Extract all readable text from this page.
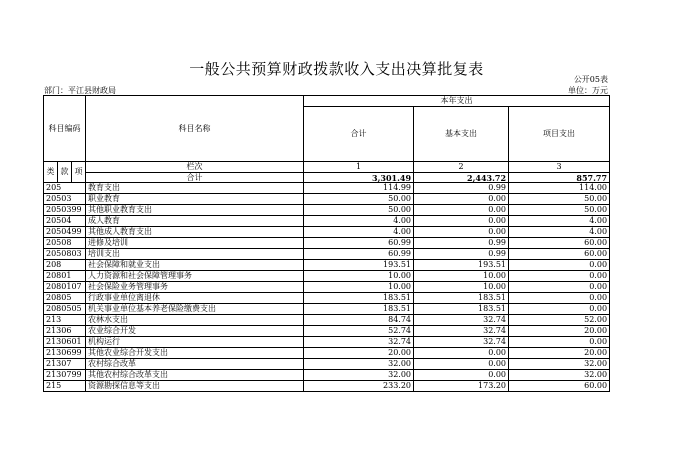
一般公共预算财政拨款收入支出决算批复表
公开05表
部门：平江县财政局	单位：万元
科目编码			科目名称	本年支出		
				合计	基本支出	项目支出
类	款	项	栏次	1	2	3
			合计	3,301.49	2,443.72	857.77
205			教育支出	114.99	0.99	114.00
20503			职业教育	50.00	0.00	50.00
2050399			其他职业教育支出	50.00	0.00	50.00
20504			成人教育	4.00	0.00	4.00
2050499			其他成人教育支出	4.00	0.00	4.00
20508			进修及培训	60.99	0.99	60.00
2050803			培训支出	60.99	0.99	60.00
208			社会保障和就业支出	193.51	193.51	0.00
20801			人力资源和社会保障管理事务	10.00	10.00	0.00
2080107			社会保险业务管理事务	10.00	10.00	0.00
20805			行政事业单位离退休	183.51	183.51	0.00
2080505			机关事业单位基本养老保险缴费支出	183.51	183.51	0.00
213			农林水支出	84.74	32.74	52.00
21306			农业综合开发	52.74	32.74	20.00
2130601			机构运行	32.74	32.74	0.00
2130699			其他农业综合开发支出	20.00	0.00	20.00
21307			农村综合改革	32.00	0.00	32.00
2130799			其他农村综合改革支出	32.00	0.00	32.00
215			资源勘探信息等支出	233.20	173.20	60.00
